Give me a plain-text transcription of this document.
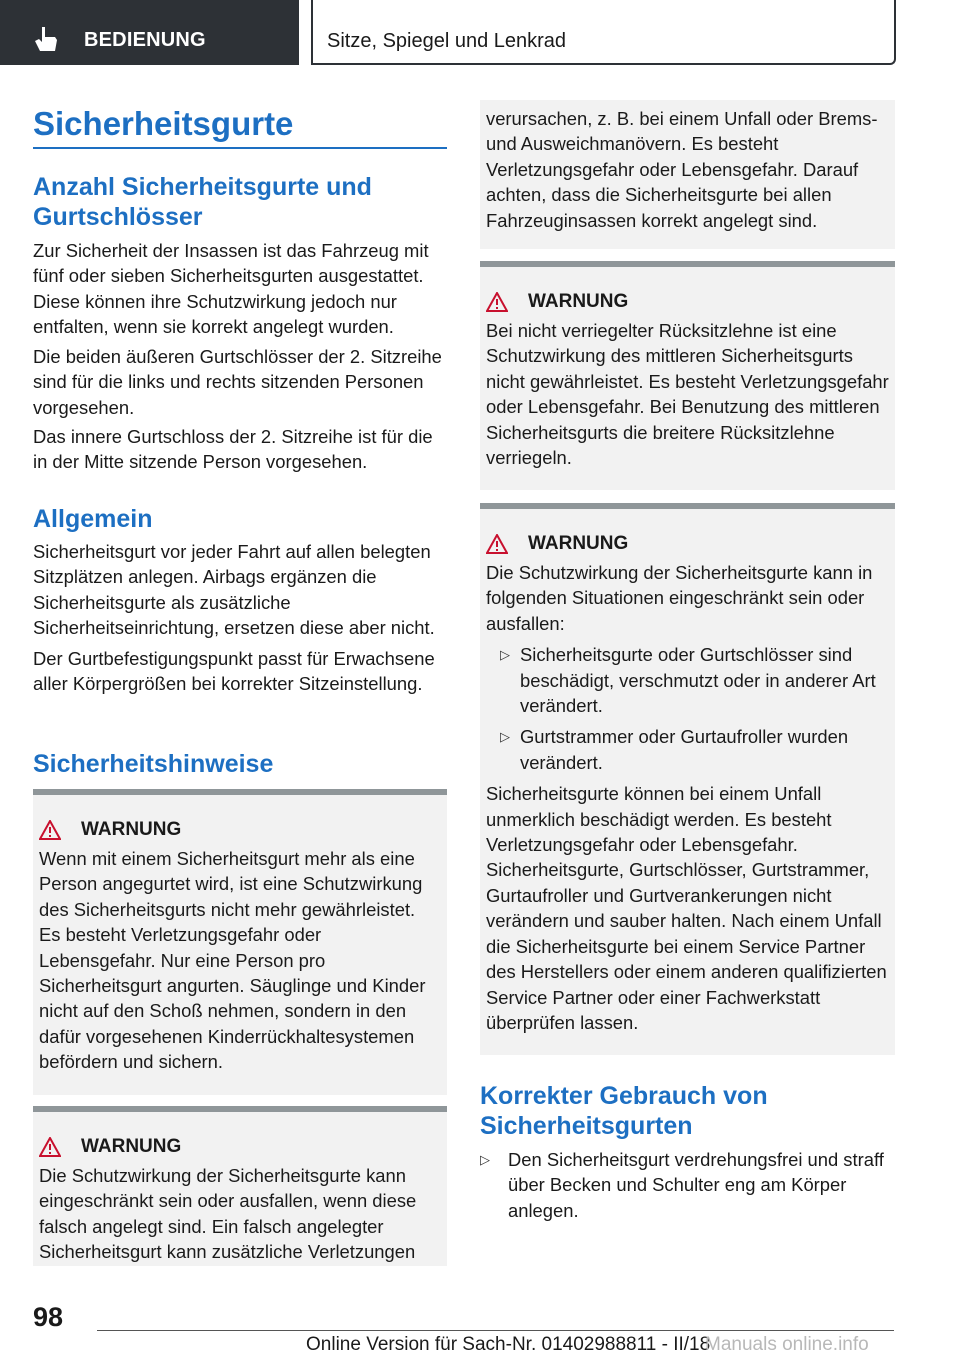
BEDIENUNG	Sitze, Spiegel und Lenkrad
Sicherheitsgurte
Anzahl Sicherheitsgurte und Gurtschlösser
Zur Sicherheit der Insassen ist das Fahrzeug mit fünf oder sieben Sicherheitsgurten ausgestattet. Diese können ihre Schutzwirkung jedoch nur entfalten, wenn sie korrekt angelegt wurden.
Die beiden äußeren Gurtschlösser der 2. Sitzreihe sind für die links und rechts sitzenden Personen vorgesehen.
Das innere Gurtschloss der 2. Sitzreihe ist für die in der Mitte sitzende Person vorgesehen.
Allgemein
Sicherheitsgurt vor jeder Fahrt auf allen belegten Sitzplätzen anlegen. Airbags ergänzen die Sicherheitsgurte als zusätzliche Sicherheitseinrichtung, ersetzen diese aber nicht.
Der Gurtbefestigungspunkt passt für Erwachsene aller Körpergrößen bei korrekter Sitzeinstellung.
Sicherheitshinweise
WARNUNG
Wenn mit einem Sicherheitsgurt mehr als eine Person angegurtet wird, ist eine Schutzwirkung des Sicherheitsgurts nicht mehr gewährleistet. Es besteht Verletzungsgefahr oder Lebensgefahr. Nur eine Person pro Sicherheitsgurt angurten. Säuglinge und Kinder nicht auf den Schoß nehmen, sondern in den dafür vorgesehenen Kinderrückhaltesystemen befördern und sichern.
WARNUNG
Die Schutzwirkung der Sicherheitsgurte kann eingeschränkt sein oder ausfallen, wenn diese falsch angelegt sind. Ein falsch angelegter Sicherheitsgurt kann zusätzliche Verletzungen
verursachen, z. B. bei einem Unfall oder Brems- und Ausweichmanövern. Es besteht Verletzungsgefahr oder Lebensgefahr. Darauf achten, dass die Sicherheitsgurte bei allen Fahrzeuginsassen korrekt angelegt sind.
WARNUNG
Bei nicht verriegelter Rücksitzlehne ist eine Schutzwirkung des mittleren Sicherheitsgurts nicht gewährleistet. Es besteht Verletzungsgefahr oder Lebensgefahr. Bei Benutzung des mittleren Sicherheitsgurts die breitere Rücksitzlehne verriegeln.
WARNUNG
Die Schutzwirkung der Sicherheitsgurte kann in folgenden Situationen eingeschränkt sein oder ausfallen:
▷ Sicherheitsgurte oder Gurtschlösser sind beschädigt, verschmutzt oder in anderer Art verändert.
▷ Gurtstrammer oder Gurtaufroller wurden verändert.
Sicherheitsgurte können bei einem Unfall unmerklich beschädigt werden. Es besteht Verletzungsgefahr oder Lebensgefahr. Sicherheitsgurte, Gurtschlösser, Gurtstrammer, Gurtaufroller und Gurtverankerungen nicht verändern und sauber halten. Nach einem Unfall die Sicherheitsgurte bei einem Service Partner des Herstellers oder einem anderen qualifizierten Service Partner oder einer Fachwerkstatt überprüfen lassen.
Korrekter Gebrauch von Sicherheitsgurten
▷ Den Sicherheitsgurt verdrehungsfrei und straff über Becken und Schulter eng am Körper anlegen.
98
Online Version für Sach-Nr. 01402988811 - II/18
Manuals online.info
